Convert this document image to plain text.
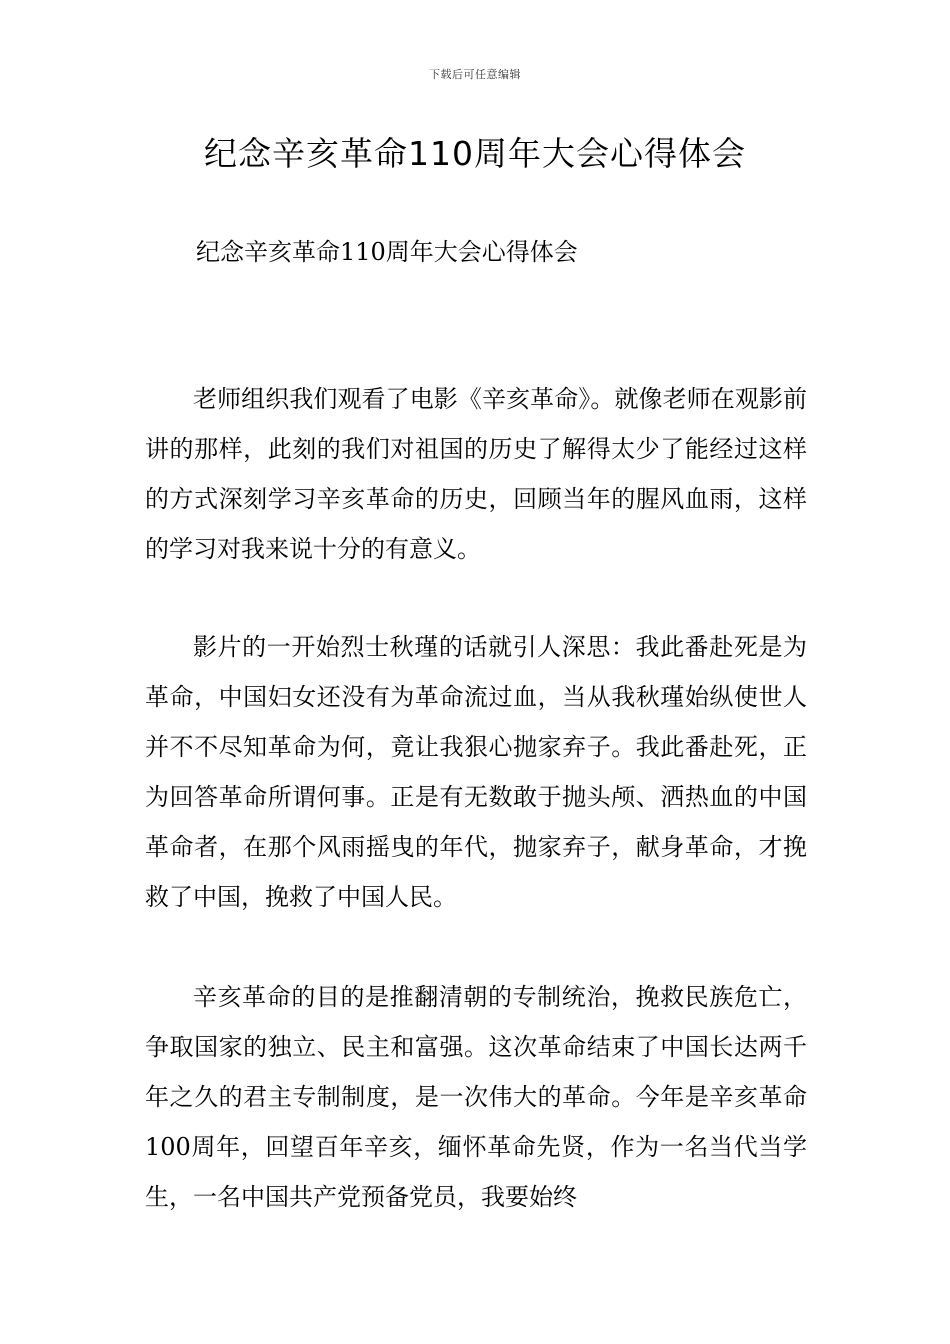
下载后可任意编辑
纪念辛亥革命110周年大会心得体会

纪念辛亥革命110周年大会心得体会

老师组织我们观看了电影《辛亥革命》。就像老师在观影前讲的那样，此刻的我们对祖国的历史了解得太少了能经过这样的方式深刻学习辛亥革命的历史，回顾当年的腥风血雨，这样的学习对我来说十分的有意义。

影片的一开始烈士秋瑾的话就引人深思：我此番赴死是为革命，中国妇女还没有为革命流过血，当从我秋瑾始纵使世人并不不尽知革命为何，竟让我狠心抛家弃子。我此番赴死，正为回答革命所谓何事。正是有无数敢于抛头颅、洒热血的中国革命者，在那个风雨摇曳的年代，抛家弃子，献身革命，才挽救了中国，挽救了中国人民。

辛亥革命的目的是推翻清朝的专制统治，挽救民族危亡，争取国家的独立、民主和富强。这次革命结束了中国长达两千年之久的君主专制制度，是一次伟大的革命。今年是辛亥革命100周年，回望百年辛亥，缅怀革命先贤，作为一名当代当学生，一名中国共产党预备党员，我要始终
